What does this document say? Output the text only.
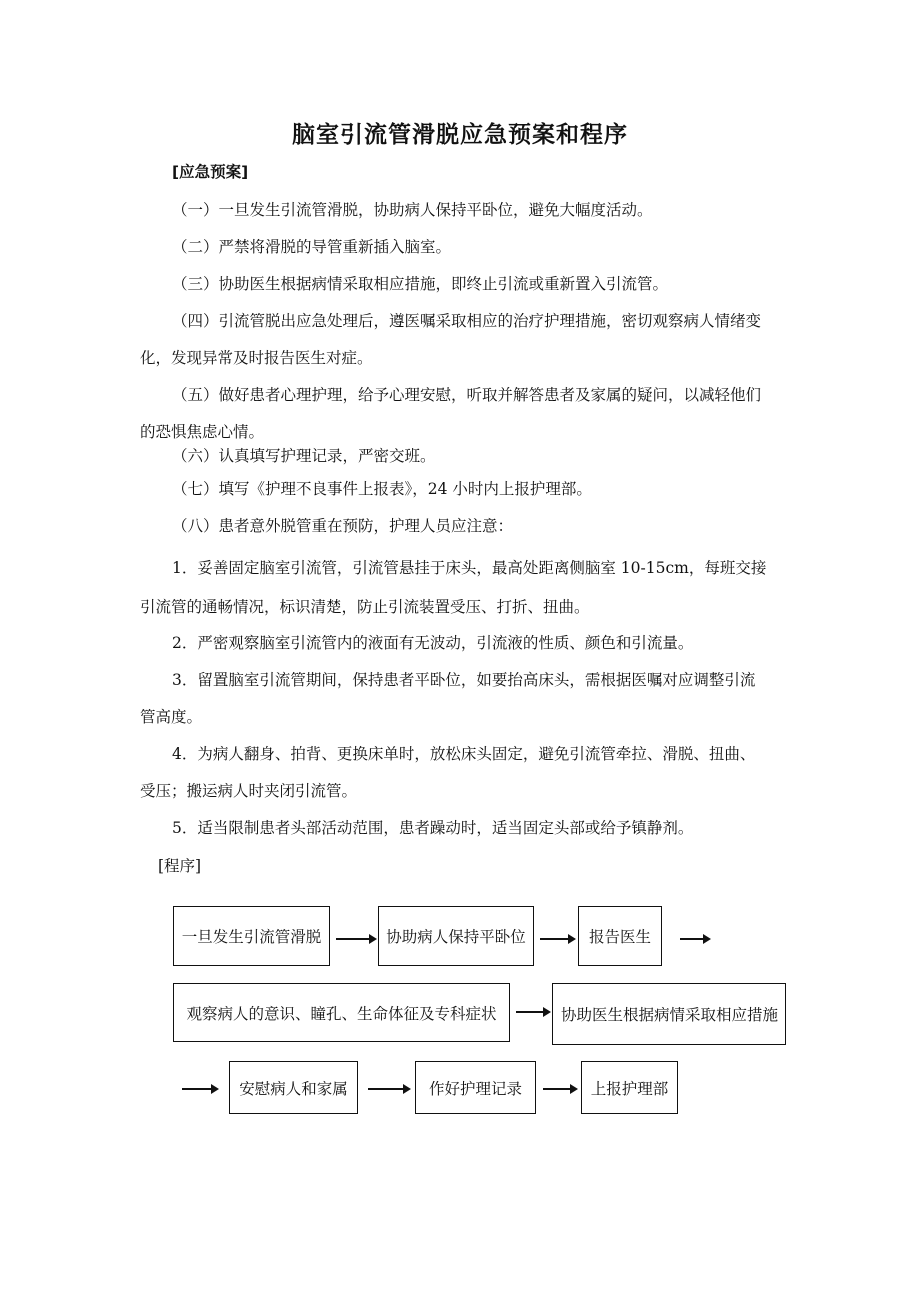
脑室引流管滑脱应急预案和程序
[应急预案]
（一）一旦发生引流管滑脱，协助病人保持平卧位，避免大幅度活动。
（二）严禁将滑脱的导管重新插入脑室。
（三）协助医生根据病情采取相应措施，即终止引流或重新置入引流管。
（四）引流管脱出应急处理后，遵医嘱采取相应的治疗护理措施，密切观察病人情绪变
化，发现异常及时报告医生对症。
（五）做好患者心理护理，给予心理安慰，听取并解答患者及家属的疑问，以减轻他们
的恐惧焦虑心情。
（六）认真填写护理记录，严密交班。
（七）填写《护理不良事件上报表》，24 小时内上报护理部。
（八）患者意外脱管重在预防，护理人员应注意：
1．妥善固定脑室引流管，引流管悬挂于床头，最高处距离侧脑室 10-15cm，每班交接
引流管的通畅情况，标识清楚，防止引流装置受压、打折、扭曲。
2．严密观察脑室引流管内的液面有无波动，引流液的性质、颜色和引流量。
3．留置脑室引流管期间，保持患者平卧位，如要抬高床头，需根据医嘱对应调整引流
管高度。
4．为病人翻身、拍背、更换床单时，放松床头固定，避免引流管牵拉、滑脱、扭曲、
受压；搬运病人时夹闭引流管。
5．适当限制患者头部活动范围，患者躁动时，适当固定头部或给予镇静剂。
[程序]
一旦发生引流管滑脱	协助病人保持平卧位	报告医生
观察病人的意识、瞳孔、生命体征及专科症状	协助医生根据病情采取相应措施
安慰病人和家属	作好护理记录	上报护理部
